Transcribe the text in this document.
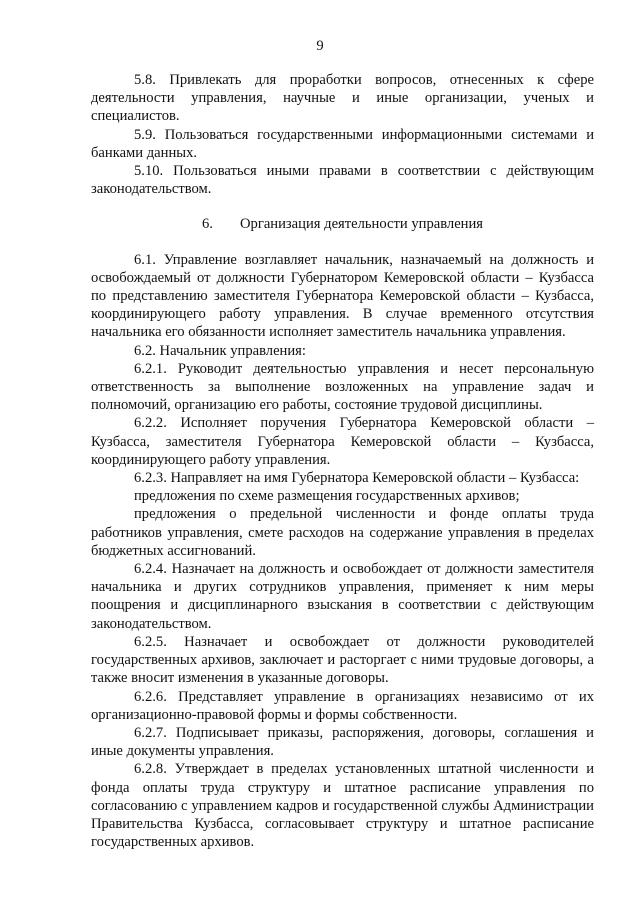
9

5.8. Привлекать для проработки вопросов, отнесенных к сфере деятельности управления, научные и иные организации, ученых и специалистов.

5.9. Пользоваться государственными информационными системами и банками данных.

5.10. Пользоваться иными правами в соответствии с действующим законодательством.

6. Организация деятельности управления

6.1. Управление возглавляет начальник, назначаемый на должность и освобождаемый от должности Губернатором Кемеровской области – Кузбасса по представлению заместителя Губернатора Кемеровской области – Кузбасса, координирующего работу управления. В случае временного отсутствия начальника его обязанности исполняет заместитель начальника управления.

6.2. Начальник управления:

6.2.1. Руководит деятельностью управления и несет персональную ответственность за выполнение возложенных на управление задач и полномочий, организацию его работы, состояние трудовой дисциплины.

6.2.2. Исполняет поручения Губернатора Кемеровской области – Кузбасса, заместителя Губернатора Кемеровской области – Кузбасса, координирующего работу управления.

6.2.3. Направляет на имя Губернатора Кемеровской области – Кузбасса:

предложения по схеме размещения государственных архивов;

предложения о предельной численности и фонде оплаты труда работников управления, смете расходов на содержание управления в пределах бюджетных ассигнований.

6.2.4. Назначает на должность и освобождает от должности заместителя начальника и других сотрудников управления, применяет к ним меры поощрения и дисциплинарного взыскания в соответствии с действующим законодательством.

6.2.5. Назначает и освобождает от должности руководителей государственных архивов, заключает и расторгает с ними трудовые договоры, а также вносит изменения в указанные договоры.

6.2.6. Представляет управление в организациях независимо от их организационно-правовой формы и формы собственности.

6.2.7. Подписывает приказы, распоряжения, договоры, соглашения и иные документы управления.

6.2.8. Утверждает в пределах установленных штатной численности и фонда оплаты труда структуру и штатное расписание управления по согласованию с управлением кадров и государственной службы Администрации Правительства Кузбасса, согласовывает структуру и штатное расписание государственных архивов.
